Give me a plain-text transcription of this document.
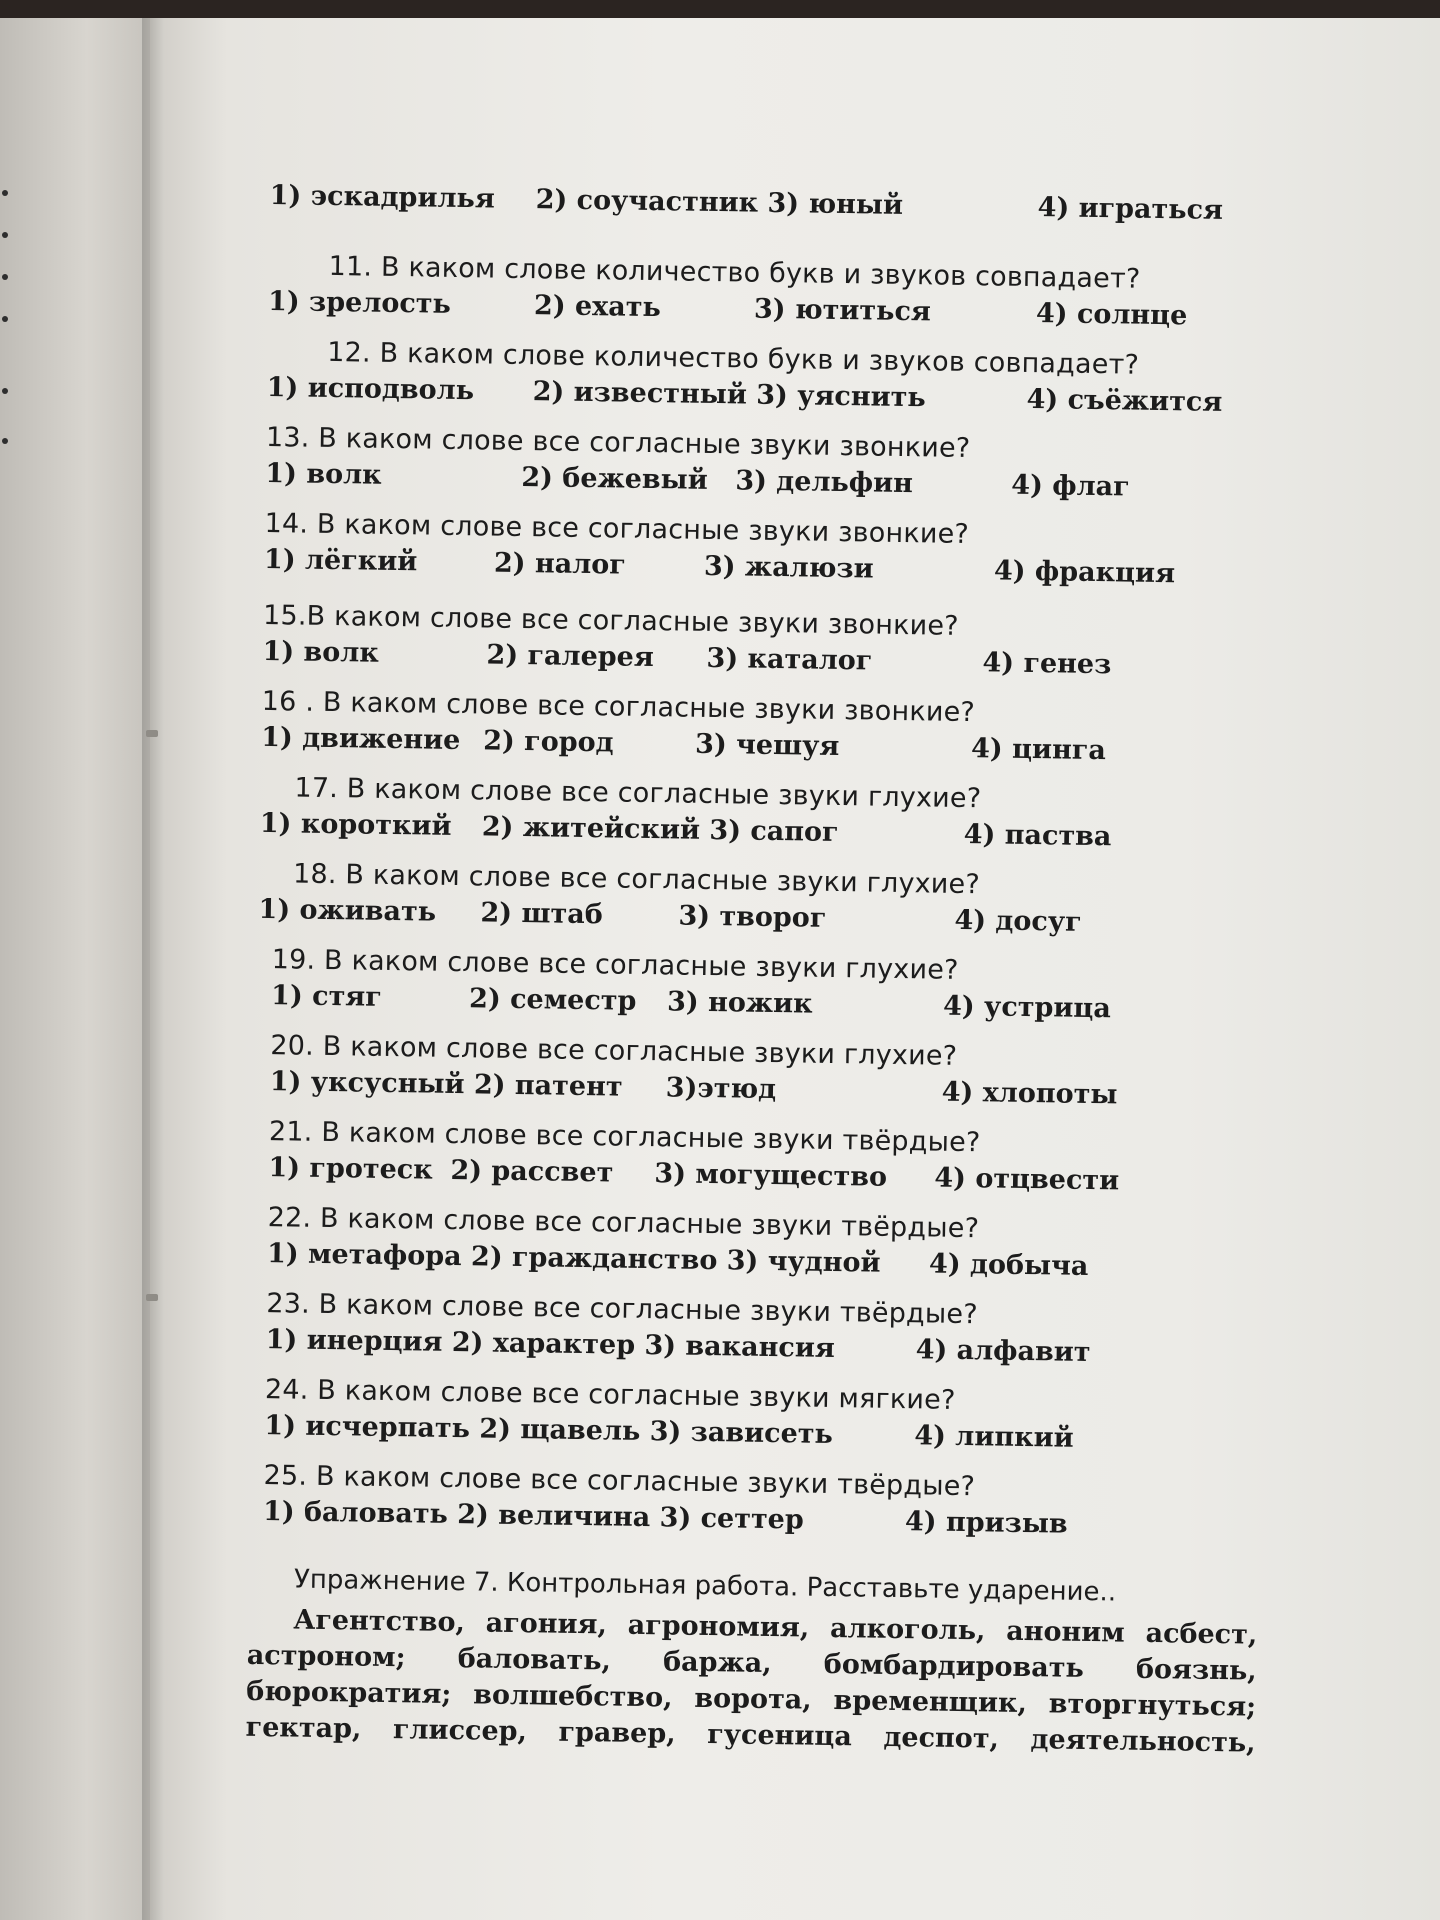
1) эскадрилья 2) соучастник 3) юный	4) играться
11. В каком слове количество букв и звуков совпадает?
1) зрелость	2) ехать	3) ютиться	4) солнце
12. В каком слове количество букв и звуков совпадает?
1) исподволь 2) известный 3) уяснить	4) съёжится
13. В каком слове все согласные звуки звонкие?
1) волк	2) бежевый 3) дельфин	4) флаг
14. В каком слове все согласные звуки звонкие?
1) лёгкий	2) налог	3) жалюзи	4) фракция
15.В каком слове все согласные звуки звонкие?
1) волк	2) галерея 3) каталог	4) генез
16 . В каком слове все согласные звуки звонкие?
1) движение 2) город	3) чешуя	4) цинга
17. В каком слове все согласные звуки глухие?
1) короткий 2) житейский 3) сапог	4) паства
18. В каком слове все согласные звуки глухие?
1) оживать 2) штаб	3) творог	4) досуг
19. В каком слове все согласные звуки глухие?
1) стяг	2) семестр 3) ножик	4) устрица
20. В каком слове все согласные звуки глухие?
1) уксусный 2) патент 3)этюд	4) хлопоты
21. В каком слове все согласные звуки твёрдые?
1) гротеск 2) рассвет 3) могущество 4) отцвести
22. В каком слове все согласные звуки твёрдые?
1) метафора 2) гражданство 3) чудной 4) добыча
23. В каком слове все согласные звуки твёрдые?
1) инерция 2) характер 3) вакансия	4) алфавит
24. В каком слове все согласные звуки мягкие?
1) исчерпать 2) щавель 3) зависеть	4) липкий
25. В каком слове все согласные звуки твёрдые?
1) баловать 2) величина 3) сеттер	4) призыв
Упражнение 7. Контрольная работа. Расставьте ударение..
Агентство, агония, агрономия, алкоголь, аноним асбест,
астроном; баловать, баржа, бомбардировать боязнь,
бюрократия; волшебство, ворота, временщик, вторгнуться;
гектар, глиссер, гравер, гусеница деспот, деятельность,
